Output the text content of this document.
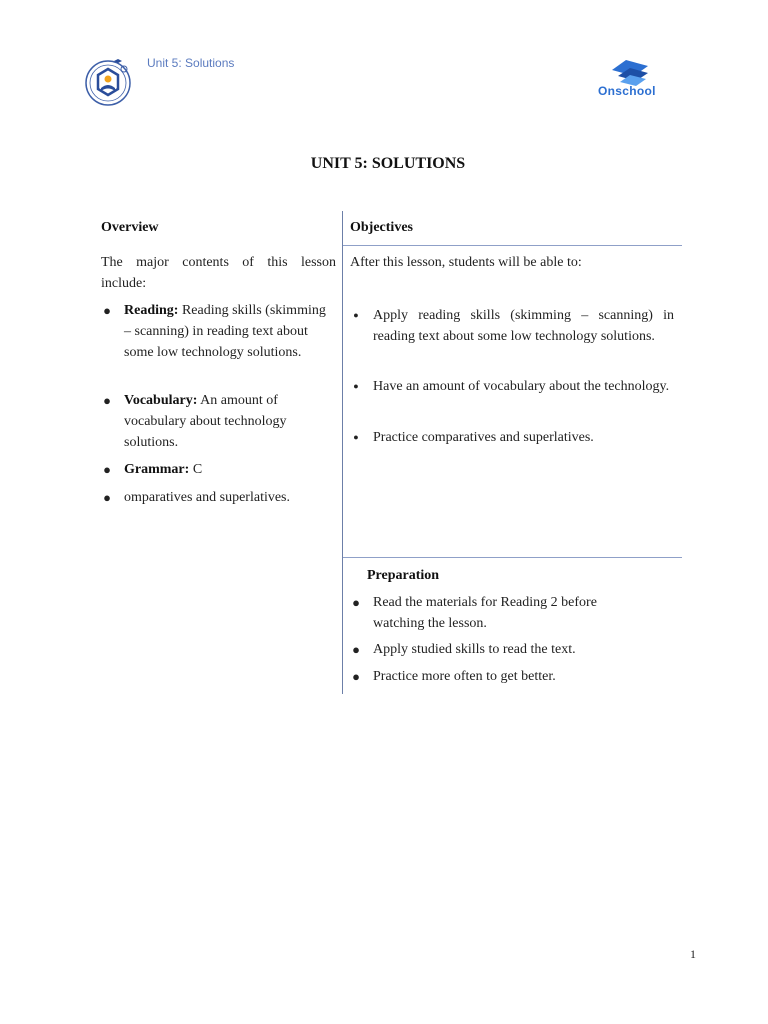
Unit 5: Solutions
Onschool
UNIT 5: SOLUTIONS
Overview
The major contents of this lesson
include:
● Reading: Reading skills (skimming – scanning) in reading text about some low technology solutions.
● Vocabulary: An amount of vocabulary about technology solutions.
● Grammar: C
● omparatives and superlatives.
Objectives
After this lesson, students will be able to:
●	Apply reading skills (skimming – scanning) in reading text about some low technology solutions.
●	Have an amount of vocabulary about the technology.
●	Practice comparatives and superlatives.
Preparation
● Read the materials for Reading 2 before watching the lesson.
● Apply studied skills to read the text.
● Practice more often to get better.
1
